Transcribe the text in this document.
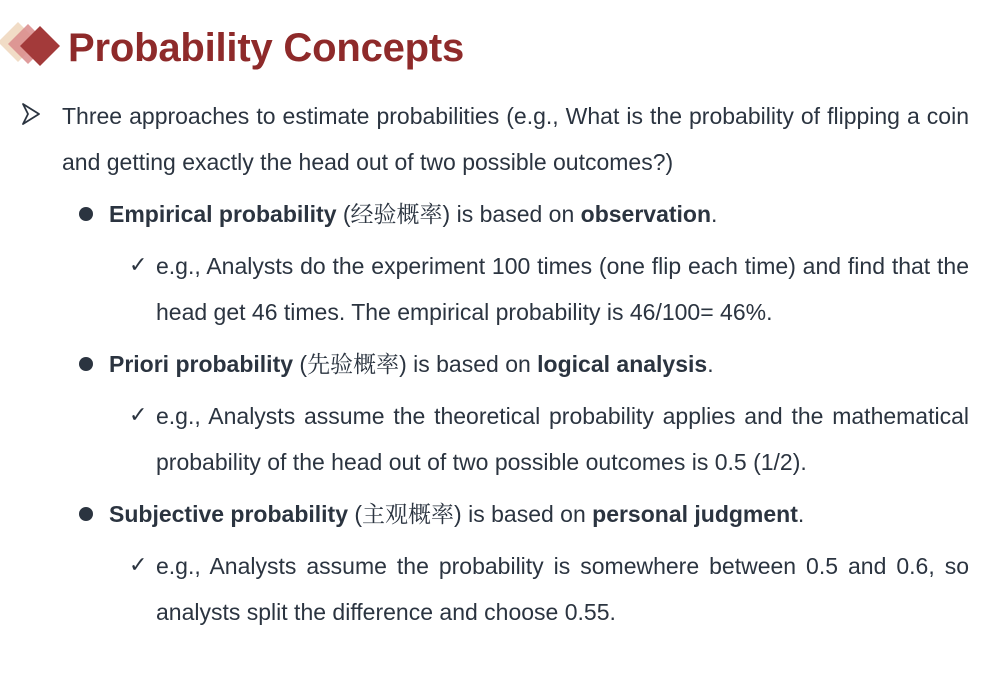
Probability Concepts
Three approaches to estimate probabilities (e.g., What is the probability of flipping a coin and getting exactly the head out of two possible outcomes?)
Empirical probability (经验概率) is based on observation.
✓ e.g., Analysts do the experiment 100 times (one flip each time) and find that the head get 46 times. The empirical probability is 46/100= 46%.
Priori probability (先验概率) is based on logical analysis.
✓ e.g., Analysts assume the theoretical probability applies and the mathematical probability of the head out of two possible outcomes is 0.5 (1/2).
Subjective probability (主观概率) is based on personal judgment.
✓ e.g., Analysts assume the probability is somewhere between 0.5 and 0.6, so analysts split the difference and choose 0.55.
